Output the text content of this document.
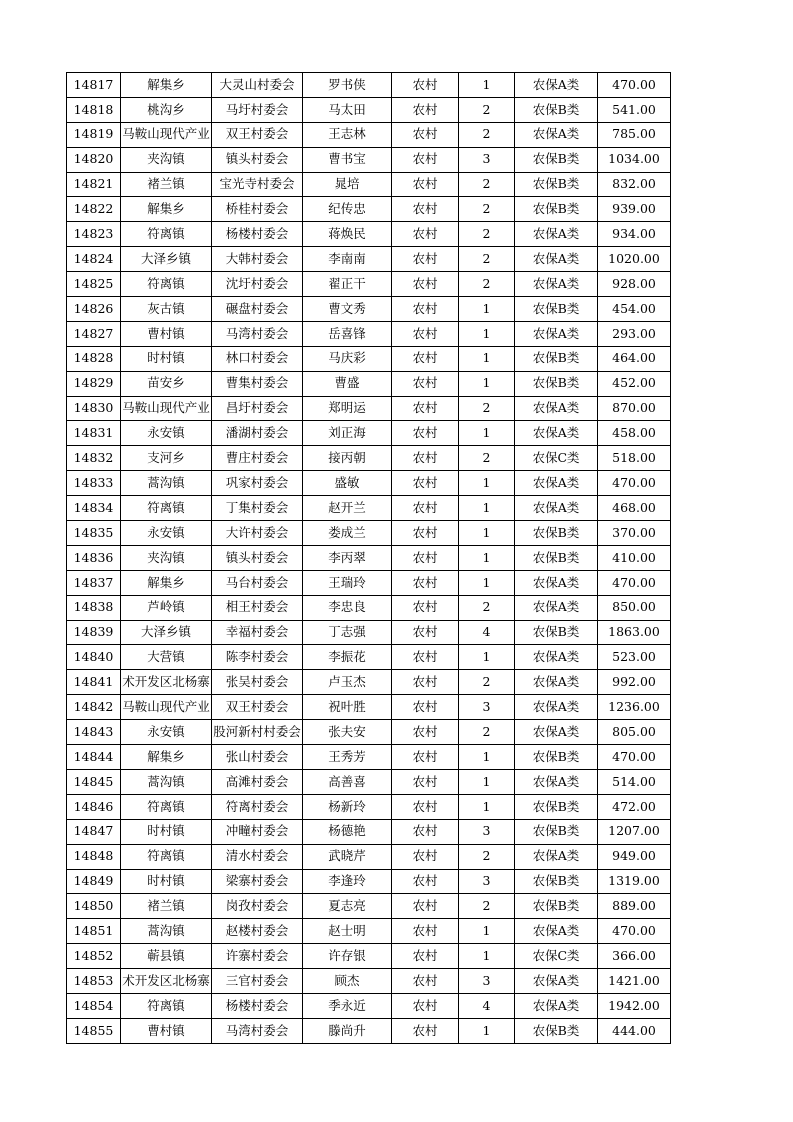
14817	解集乡	大灵山村委会	罗书侠	农村	1	农保A类	470.00
14818	桃沟乡	马圩村委会	马太田	农村	2	农保B类	541.00
14819	马鞍山现代产业	双王村委会	王志林	农村	2	农保A类	785.00
14820	夹沟镇	镇头村委会	曹书宝	农村	3	农保B类	1034.00
14821	褚兰镇	宝光寺村委会	晁培	农村	2	农保B类	832.00
14822	解集乡	桥桂村委会	纪传忠	农村	2	农保B类	939.00
14823	符离镇	杨楼村委会	蒋焕民	农村	2	农保A类	934.00
14824	大泽乡镇	大韩村委会	李南南	农村	2	农保A类	1020.00
14825	符离镇	沈圩村委会	翟正干	农村	2	农保A类	928.00
14826	灰古镇	碾盘村委会	曹文秀	农村	1	农保B类	454.00
14827	曹村镇	马湾村委会	岳喜锋	农村	1	农保A类	293.00
14828	时村镇	林口村委会	马庆彩	农村	1	农保B类	464.00
14829	苗安乡	曹集村委会	曹盛	农村	1	农保B类	452.00
14830	马鞍山现代产业	昌圩村委会	郑明运	农村	2	农保A类	870.00
14831	永安镇	潘湖村委会	刘正海	农村	1	农保A类	458.00
14832	支河乡	曹庄村委会	接丙朝	农村	2	农保C类	518.00
14833	蒿沟镇	巩家村委会	盛敏	农村	1	农保A类	470.00
14834	符离镇	丁集村委会	赵开兰	农村	1	农保A类	468.00
14835	永安镇	大许村委会	娄成兰	农村	1	农保B类	370.00
14836	夹沟镇	镇头村委会	李丙翠	农村	1	农保B类	410.00
14837	解集乡	马台村委会	王瑞玲	农村	1	农保A类	470.00
14838	芦岭镇	相王村委会	李忠良	农村	2	农保A类	850.00
14839	大泽乡镇	幸福村委会	丁志强	农村	4	农保B类	1863.00
14840	大营镇	陈李村委会	李振花	农村	1	农保A类	523.00
14841	术开发区北杨寨	张吴村委会	卢玉杰	农村	2	农保A类	992.00
14842	马鞍山现代产业	双王村委会	祝叶胜	农村	3	农保A类	1236.00
14843	永安镇	股河新村村委会	张夫安	农村	2	农保A类	805.00
14844	解集乡	张山村委会	王秀芳	农村	1	农保B类	470.00
14845	蒿沟镇	高滩村委会	高善喜	农村	1	农保A类	514.00
14846	符离镇	符离村委会	杨新玲	农村	1	农保B类	472.00
14847	时村镇	冲疃村委会	杨德艳	农村	3	农保B类	1207.00
14848	符离镇	清水村委会	武晓芹	农村	2	农保A类	949.00
14849	时村镇	梁寨村委会	李逢玲	农村	3	农保B类	1319.00
14850	褚兰镇	岗孜村委会	夏志亮	农村	2	农保B类	889.00
14851	蒿沟镇	赵楼村委会	赵士明	农村	1	农保A类	470.00
14852	蕲县镇	许寨村委会	许存银	农村	1	农保C类	366.00
14853	术开发区北杨寨	三官村委会	顾杰	农村	3	农保A类	1421.00
14854	符离镇	杨楼村委会	季永近	农村	4	农保A类	1942.00
14855	曹村镇	马湾村委会	滕尚升	农村	1	农保B类	444.00
